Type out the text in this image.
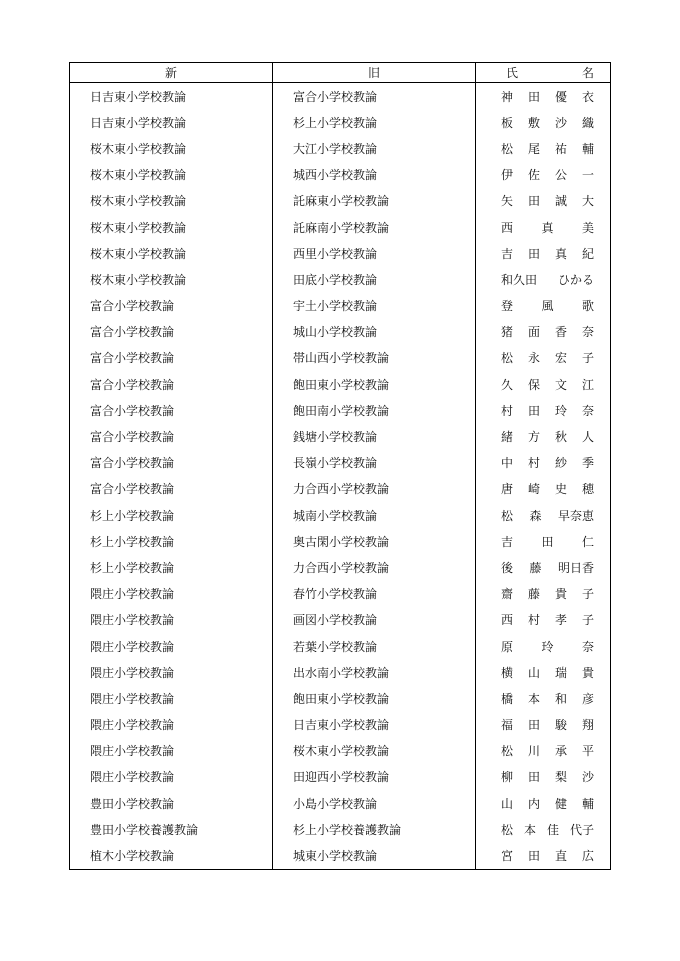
新	旧	氏 名

日吉東小学校教論	富合小学校教論	神 田 優 衣

日吉東小学校教論	杉上小学校教論	板 敷 沙 織

桜木東小学校教論	大江小学校教論	松 尾 祐 輔

桜木東小学校教論	城西小学校教論	伊 佐 公 一

桜木東小学校教論	託麻東小学校教論	矢 田 誠 大

桜木東小学校教論	託麻南小学校教論	西 真 美

桜木東小学校教論	西里小学校教論	吉 田 真 紀

桜木東小学校教論	田底小学校教論	和久田 ひかる

富合小学校教論	宇土小学校教論	登 風 歌

富合小学校教論	城山小学校教論	猪 面 香 奈

富合小学校教論	帯山西小学校教論	松 永 宏 子

富合小学校教論	飽田東小学校教論	久 保 文 江

富合小学校教論	飽田南小学校教論	村 田 玲 奈

富合小学校教論	銭塘小学校教論	緒 方 秋 人

富合小学校教論	長嶺小学校教論	中 村 紗 季

富合小学校教論	力合西小学校教論	唐 崎 史 穂

杉上小学校教論	城南小学校教論	松 森 早奈恵

杉上小学校教論	奥古閑小学校教論	吉 田 仁

杉上小学校教論	力合西小学校教論	後 藤 明日香

隈庄小学校教論	春竹小学校教論	齋 藤 貴 子

隈庄小学校教論	画図小学校教論	西 村 孝 子

隈庄小学校教論	若葉小学校教論	原 玲 奈

隈庄小学校教論	出水南小学校教論	横 山 瑞 貴

隈庄小学校教論	飽田東小学校教論	橋 本 和 彦

隈庄小学校教論	日吉東小学校教論	福 田 駿 翔

隈庄小学校教論	桜木東小学校教論	松 川 承 平

隈庄小学校教論	田迎西小学校教論	柳 田 梨 沙

豊田小学校教論	小島小学校教論	山 内 健 輔

豊田小学校養護教論	杉上小学校養護教論	松 本 佳 代子

植木小学校教論	城東小学校教論	宮 田 直 広
